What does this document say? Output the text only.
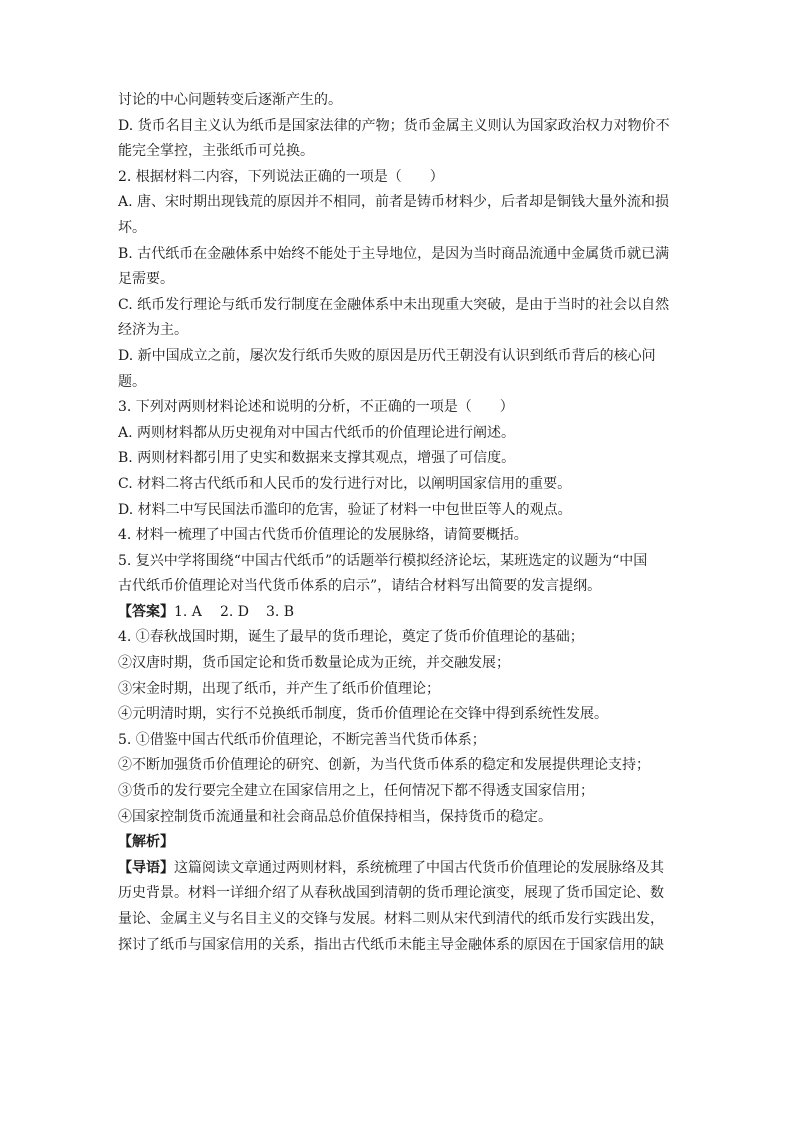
讨论的中心问题转变后逐渐产生的。
D. 货币名目主义认为纸币是国家法律的产物；货币金属主义则认为国家政治权力对物价不
能完全掌控，主张纸币可兑换。
2. 根据材料二内容，下列说法正确的一项是（　　）
A. 唐、宋时期出现钱荒的原因并不相同，前者是铸币材料少，后者却是铜钱大量外流和损
坏。
B. 古代纸币在金融体系中始终不能处于主导地位，是因为当时商品流通中金属货币就已满
足需要。
C. 纸币发行理论与纸币发行制度在金融体系中未出现重大突破，是由于当时的社会以自然
经济为主。
D. 新中国成立之前，屡次发行纸币失败的原因是历代王朝没有认识到纸币背后的核心问
题。
3. 下列对两则材料论述和说明的分析，不正确的一项是（　　）
A. 两则材料都从历史视角对中国古代纸币的价值理论进行阐述。
B. 两则材料都引用了史实和数据来支撑其观点，增强了可信度。
C. 材料二将古代纸币和人民币的发行进行对比，以阐明国家信用的重要。
D. 材料二中写民国法币滥印的危害，验证了材料一中包世臣等人的观点。
4. 材料一梳理了中国古代货币价值理论的发展脉络，请简要概括。
5. 复兴中学将围绕“中国古代纸币”的话题举行模拟经济论坛，某班选定的议题为“中国
古代纸币价值理论对当代货币体系的启示”，请结合材料写出简要的发言提纲。
【答案】1. A 2. D 3. B
4. ①春秋战国时期，诞生了最早的货币理论，奠定了货币价值理论的基础；
②汉唐时期，货币国定论和货币数量论成为正统，并交融发展；
③宋金时期，出现了纸币，并产生了纸币价值理论；
④元明清时期，实行不兑换纸币制度，货币价值理论在交锋中得到系统性发展。
5. ①借鉴中国古代纸币价值理论，不断完善当代货币体系；
②不断加强货币价值理论的研究、创新，为当代货币体系的稳定和发展提供理论支持；
③货币的发行要完全建立在国家信用之上，任何情况下都不得透支国家信用；
④国家控制货币流通量和社会商品总价值保持相当，保持货币的稳定。
【解析】
【导语】这篇阅读文章通过两则材料，系统梳理了中国古代货币价值理论的发展脉络及其
历史背景。材料一详细介绍了从春秋战国到清朝的货币理论演变，展现了货币国定论、数
量论、金属主义与名目主义的交锋与发展。材料二则从宋代到清代的纸币发行实践出发，
探讨了纸币与国家信用的关系，指出古代纸币未能主导金融体系的原因在于国家信用的缺
